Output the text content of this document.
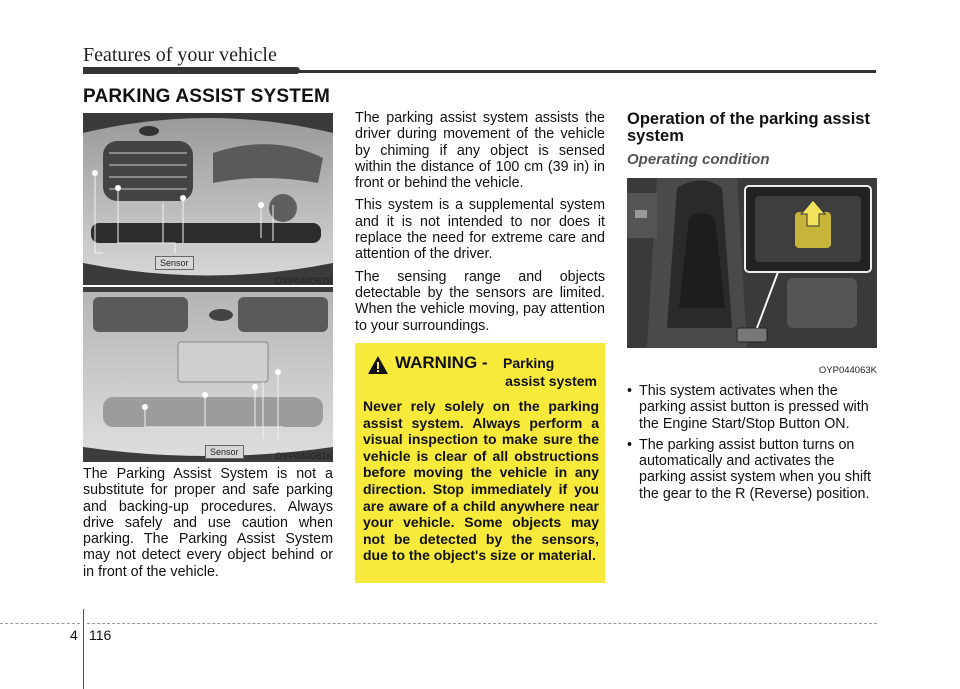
Features of your vehicle
PARKING ASSIST SYSTEM
Sensor
OYP044062K
Sensor	OYP044061K
The Parking Assist System is not a substitute for proper and safe parking and backing-up procedures. Always drive safely and use caution when parking. The Parking Assist System may not detect every object behind or in front of the vehicle.

The parking assist system assists the driver during movement of the vehicle by chiming if any object is sensed within the distance of 100 cm (39 in) in front or behind the vehicle.

This system is a supplemental system and it is not intended to nor does it replace the need for extreme care and attention of the driver.

The sensing range and objects detectable by the sensors are limited. When the vehicle moving, pay attention to your surroundings.

WARNING - Parking
assist system
Never rely solely on the parking assist system. Always perform a visual inspection to make sure the vehicle is clear of all obstructions before moving the vehicle in any direction. Stop immediately if you are aware of a child anywhere near your vehicle. Some objects may not be detected by the sensors, due to the object's size or material.
Operation of the parking assist system
Operating condition
OYP044063K
• This system activates when the parking assist button is pressed with the Engine Start/Stop Button ON.
• The parking assist button turns on automatically and activates the parking assist system when you shift the gear to the R (Reverse) position.
4 116
